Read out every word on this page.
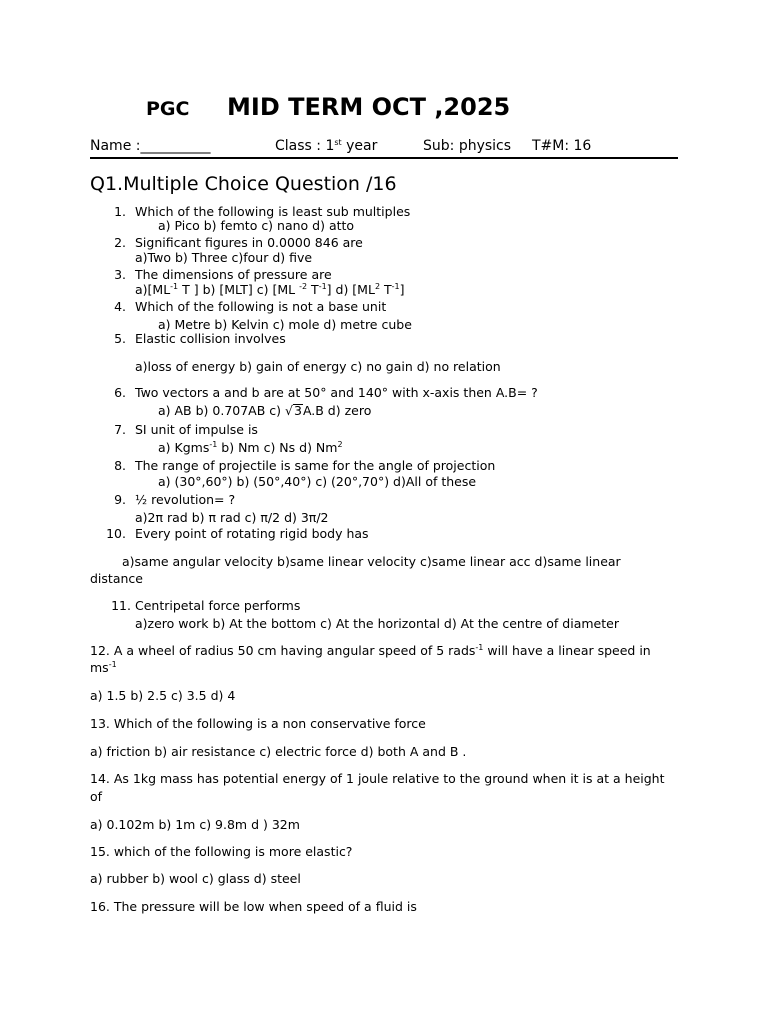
PGC MID TERM OCT ,2025
Name :__________	Class : 1st year	Sub: physics T#M: 16
Q1.Multiple Choice Question /16
1. Which of the following is least sub multiples
a) Pico b) femto c) nano d) atto
2. Significant figures in 0.0000 846 are
a)Two b) Three c)four d) five
3. The dimensions of pressure are
$a)[ML^{-1}$ T ] b) [MLT] c) [ML $^{-2}$ $T^{-1}$] d) [$ML^2$ $T^{-1}$]
4. Which of the following is not a base unit
a) Metre b) Kelvin c) mole d) metre cube
5. Elastic collision involves
a)loss of energy b) gain of energy c) no gain d) no relation
6. Two vectors a and b are at 50° and 140° with x-axis then A.B= ?
a) AB b) 0.707AB c) √3A.B d) zero
7. SI unit of impulse is
a) Kgms$^{-1}$ b) Nm c) Ns d) Nm$^2$
8. The range of projectile is same for the angle of projection
a) (30°,60°) b) (50°,40°) c) (20°,70°) d)All of these
9. ½ revolution= ?
a)2π rad b) π rad c) π/2 d) 3π/2
10. Every point of rotating rigid body has
a)same angular velocity b)same linear velocity c)same linear acc d)same linear
distance
11. Centripetal force performs
a)zero work b) At the bottom c) At the horizontal d) At the centre of diameter
12. A a wheel of radius 50 cm having angular speed of 5 rads$^{-1}$ will have a linear speed in
$ms^{-1}$
a) 1.5 b) 2.5 c) 3.5 d) 4
13. Which of the following is a non conservative force
a) friction b) air resistance c) electric force d) both A and B .
14. As 1kg mass has potential energy of 1 joule relative to the ground when it is at a height
of
a) 0.102m b) 1m c) 9.8m d ) 32m
15. which of the following is more elastic?
a) rubber b) wool c) glass d) steel
16. The pressure will be low when speed of a fluid is
